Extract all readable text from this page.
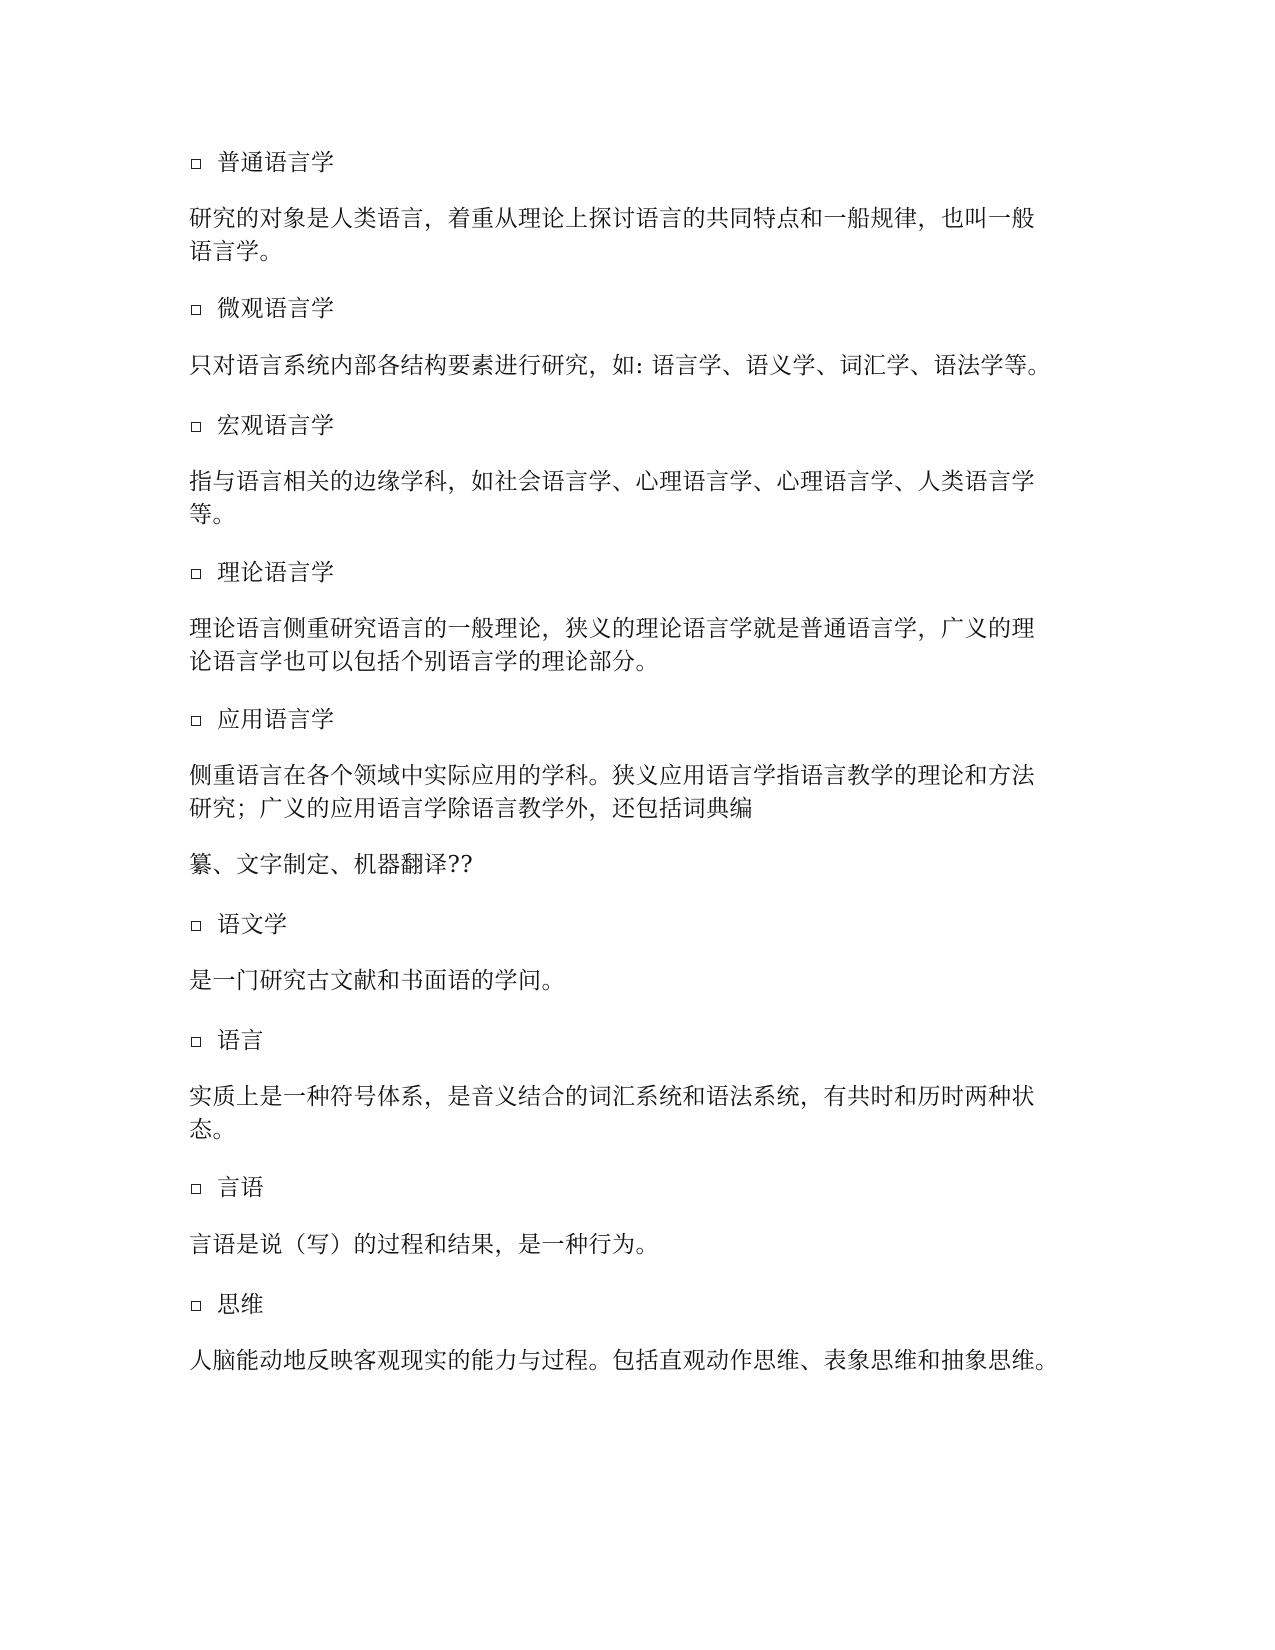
普通语言学
研究的对象是人类语言，着重从理论上探讨语言的共同特点和一船规律，也叫一般
语言学。
微观语言学
只对语言系统内部各结构要素进行研究，如: 语言学、语义学、词汇学、语法学等。
宏观语言学
指与语言相关的边缘学科，如社会语言学、心理语言学、心理语言学、人类语言学
等。
理论语言学
理论语言侧重研究语言的一般理论，狭义的理论语言学就是普通语言学，广义的理
论语言学也可以包括个别语言学的理论部分。
应用语言学
侧重语言在各个领域中实际应用的学科。狭义应用语言学指语言教学的理论和方法
研究；广义的应用语言学除语言教学外，还包括词典编
纂、文字制定、机器翻译??
语文学
是一门研究古文献和书面语的学问。
语言
实质上是一种符号体系，是音义结合的词汇系统和语法系统，有共时和历时两种状
态。
言语
言语是说（写）的过程和结果，是一种行为。
思维
人脑能动地反映客观现实的能力与过程。包括直观动作思维、表象思维和抽象思维。
